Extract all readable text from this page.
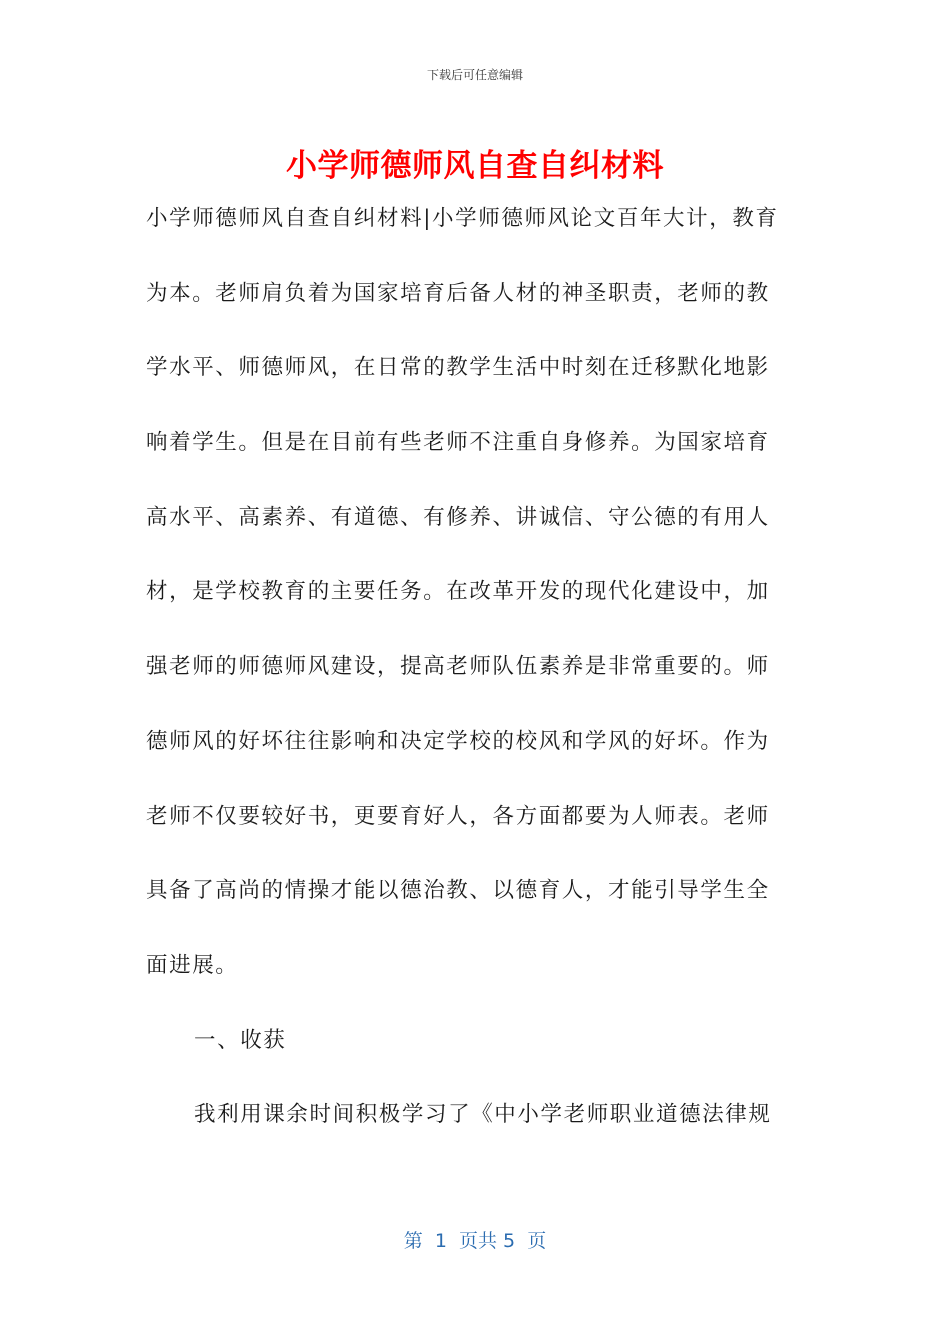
下载后可任意编辑
小学师德师风自查自纠材料
小学师德师风自查自纠材料|小学师德师风论文百年大计，教育
为本。老师肩负着为国家培育后备人材的神圣职责，老师的教
学水平、师德师风，在日常的教学生活中时刻在迁移默化地影
响着学生。但是在目前有些老师不注重自身修养。为国家培育
高水平、高素养、有道德、有修养、讲诚信、守公德的有用人
材，是学校教育的主要任务。在改革开发的现代化建设中，加
强老师的师德师风建设，提高老师队伍素养是非常重要的。师
德师风的好坏往往影响和决定学校的校风和学风的好坏。作为
老师不仅要较好书，更要育好人，各方面都要为人师表。老师
具备了高尚的情操才能以德治教、以德育人，才能引导学生全
面进展。
一、收获
我利用课余时间积极学习了《中小学老师职业道德法律规
第  1  页共 5  页
